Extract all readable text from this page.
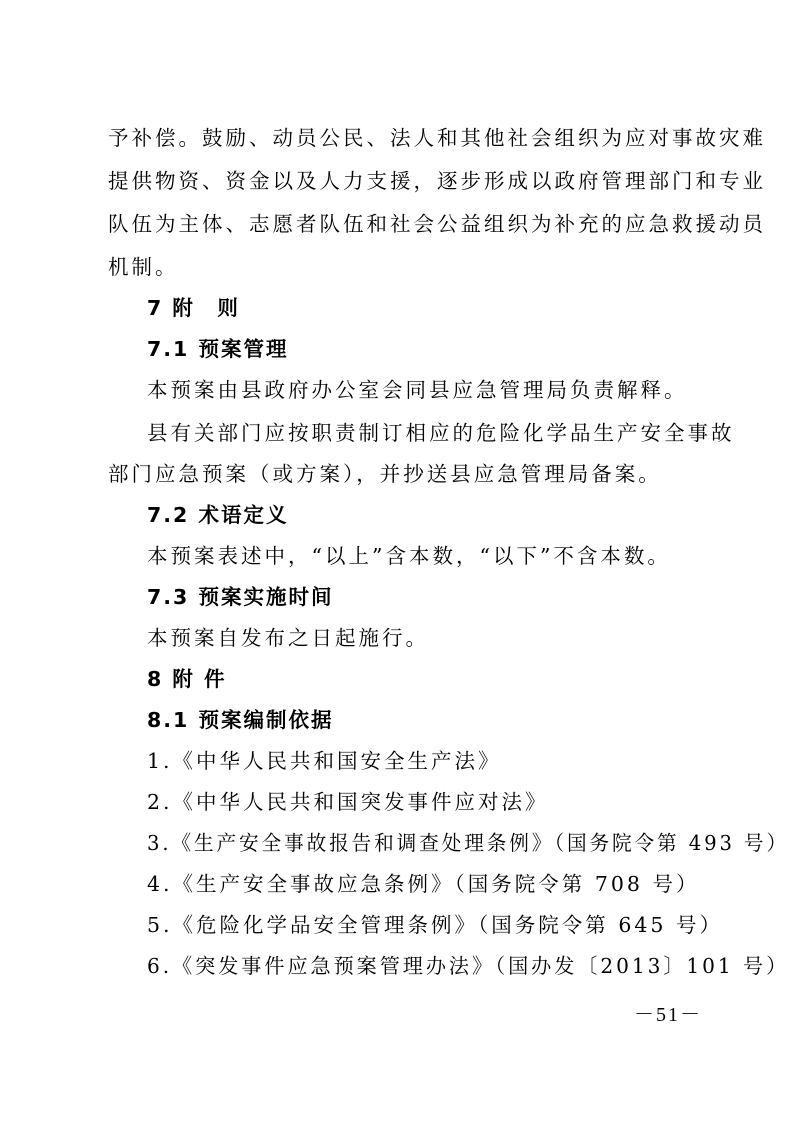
予补偿。鼓励、动员公民、法人和其他社会组织为应对事故灾难
提供物资、资金以及人力支援，逐步形成以政府管理部门和专业
队伍为主体、志愿者队伍和社会公益组织为补充的应急救援动员
机制。
7 附　则
7.1 预案管理
本预案由县政府办公室会同县应急管理局负责解释。
县有关部门应按职责制订相应的危险化学品生产安全事故
部门应急预案（或方案），并抄送县应急管理局备案。
7.2 术语定义
本预案表述中，“以上”含本数，“以下”不含本数。
7.3 预案实施时间
本预案自发布之日起施行。
8 附 件
8.1 预案编制依据
1.《中华人民共和国安全生产法》
2.《中华人民共和国突发事件应对法》
3.《生产安全事故报告和调查处理条例》（国务院令第 493 号）
4.《生产安全事故应急条例》（国务院令第 708 号）
5.《危险化学品安全管理条例》（国务院令第 645 号）
6.《突发事件应急预案管理办法》（国办发〔2013〕101 号）
－51－
